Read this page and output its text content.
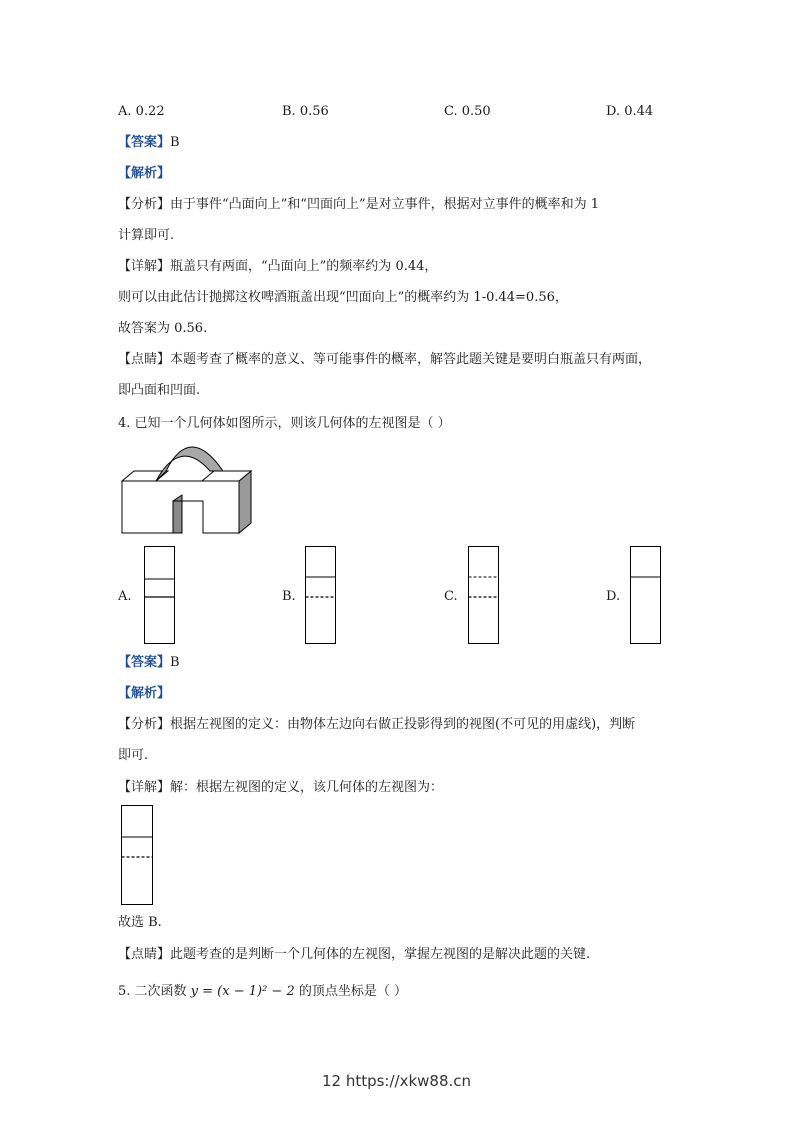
A. 0.22	B. 0.56	C. 0.50	D. 0.44
【答案】B
【解析】
【分析】由于事件“凸面向上”和“凹面向上”是对立事件，根据对立事件的概率和为 1
计算即可.
【详解】瓶盖只有两面，“凸面向上”的频率约为 0.44，
则可以由此估计抛掷这枚啤酒瓶盖出现“凹面向上”的概率约为 1-0.44=0.56，
故答案为 0.56.
【点睛】本题考查了概率的意义、等可能事件的概率，解答此题关键是要明白瓶盖只有两面，
即凸面和凹面.
4. 已知一个几何体如图所示，则该几何体的左视图是（ ）
A.	B.	C.	D.
【答案】B
【解析】
【分析】根据左视图的定义：由物体左边向右做正投影得到的视图(不可见的用虚线)，判断
即可.
【详解】解：根据左视图的定义，该几何体的左视图为：
故选 B.
【点睛】此题考查的是判断一个几何体的左视图，掌握左视图的是解决此题的关键.
5. 二次函数 y = (x − 1)² − 2 的顶点坐标是（ ）
12 https://xkw88.cn
